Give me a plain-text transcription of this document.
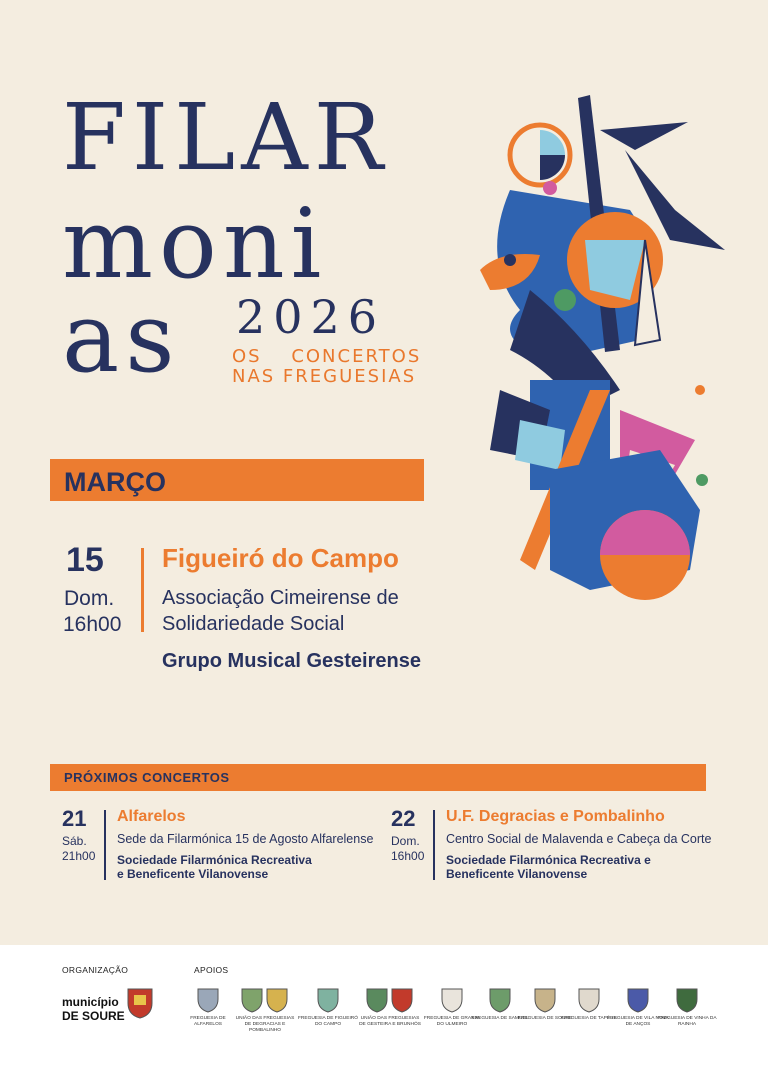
FILAR
moni
as 2026
OS CONCERTOS
NAS FREGUESIAS
MARÇO
15
Dom.
16h00
Figueiró do Campo
Associação Cimeirense de
Solidariedade Social
Grupo Musical Gesteirense
PRÓXIMOS CONCERTOS
21
Sáb.
21h00
Alfarelos
Sede da Filarmónica 15 de Agosto Alfarelense
Sociedade Filarmónica Recreativa
e Beneficente Vilanovense
22
Dom.
16h00
U.F. Degracias e Pombalinho
Centro Social de Malavenda e Cabeça da Corte
Sociedade Filarmónica Recreativa e
Beneficente Vilanovense
ORGANIZAÇÃO	APOIOS
município
DE SOURE	FREGUESIA DE ALFARELOS
UNIÃO DAS FREGUESIAS DE DEGRACIAS E POMBALINHO
FREGUESIA DE FIGUEIRÓ DO CAMPO
UNIÃO DAS FREGUESIAS DE GESTEIRA E BRUNHÓS
FREGUESIA DE GRANJA DO ULMEIRO
FREGUESIA DE SAMUEL
FREGUESIA DE SOURE
FREGUESIA DE TAPÉUS
FREGUESIA DE VILA NOVA DE ANÇOS
FREGUESIA DE VINHA DA RAINHA
